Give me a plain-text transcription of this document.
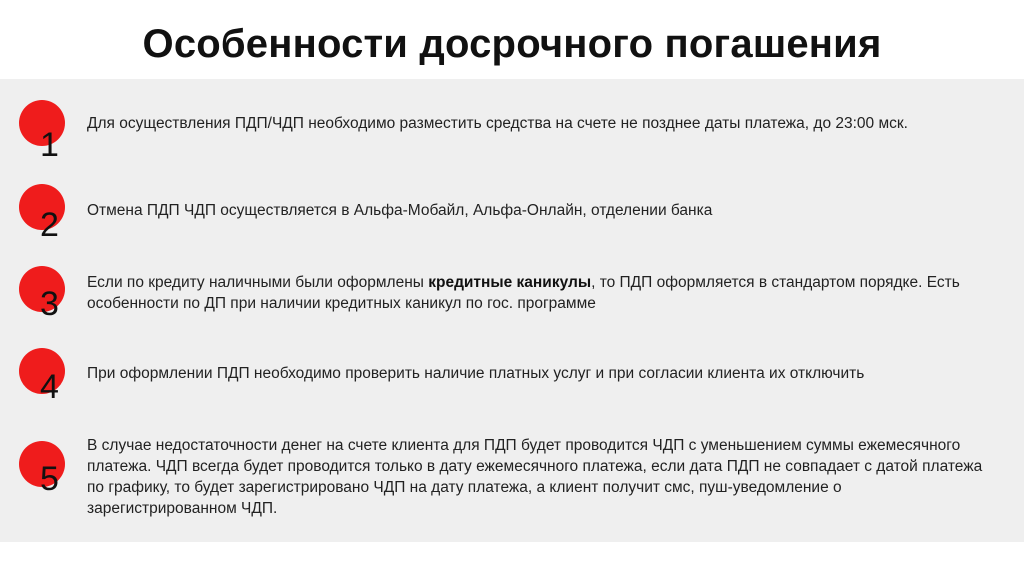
Особенности досрочного погашения
1
Для осуществления ПДП/ЧДП необходимо разместить средства на счете не позднее даты платежа, до 23:00 мск.
2 Отмена ПДП ЧДП осуществляется в Альфа-Мобайл, Альфа-Онлайн, отделении банка
3
Если по кредиту наличными были оформлены кредитные каникулы, то ПДП оформляется в стандартом порядке. Есть особенности по ДП при наличии кредитных каникул по гос. программе
4 При оформлении ПДП необходимо проверить наличие платных услуг и при согласии клиента их отключить
5
В случае недостаточности денег на счете клиента для ПДП будет проводится ЧДП с уменьшением суммы ежемесячного платежа. ЧДП всегда будет проводится только в дату ежемесячного платежа, если дата ПДП не совпадает с датой платежа по графику, то будет зарегистрировано ЧДП на дату платежа, а клиент получит смс, пуш-уведомление о зарегистрированном ЧДП.
